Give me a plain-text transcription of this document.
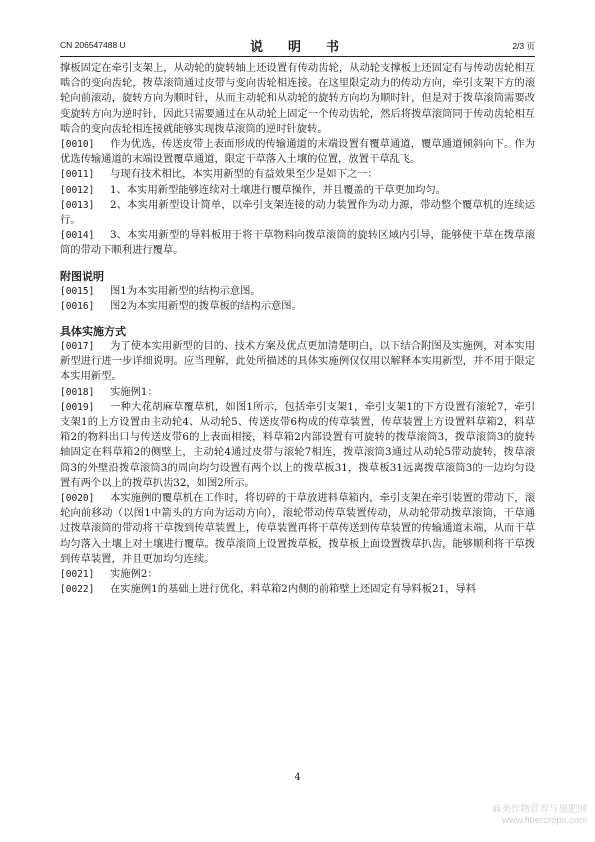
CN 206547488 U	说　明　书	2/3 页

撑板固定在牵引支架上，从动轮的旋转轴上还设置有传动齿轮，从动轮支撑板上还固定有与传动齿轮相互啮合的变向齿轮，拨草滚筒通过皮带与变向齿轮相连接。在这里限定动力的传动方向，牵引支架下方的滚轮向前滚动，旋转方向为顺时针，从而主动轮和从动轮的旋转方向均为顺时针，但是对于拨草滚筒需要改变旋转方向为逆时针，因此只需要通过在从动轮上固定一个传动齿轮，然后将拨草滚筒同于传动齿轮相互啮合的变向齿轮相连接就能够实现拨草滚筒的逆时针旋转。

[0010] 作为优选，传送皮带上表面形成的传输通道的末端设置有覆草通道，覆草通道倾斜向下。作为优选传输通道的末端设置覆草通道，限定干草落入土壤的位置，放置干草乱飞。

[0011] 与现有技术相比，本实用新型的有益效果至少是如下之一：

[0012] 1、本实用新型能够连续对土壤进行覆草操作，并且覆盖的干草更加均匀。

[0013] 2、本实用新型设计简单，以牵引支架连接的动力装置作为动力源，带动整个覆草机的连续运行。

[0014] 3、本实用新型的导料板用于将干草物料向拨草滚筒的旋转区域内引导，能够使干草在拨草滚筒的带动下顺利进行覆草。

附图说明

[0015] 图1为本实用新型的结构示意图。

[0016] 图2为本实用新型的拨草板的结构示意图。

具体实施方式

[0017] 为了使本实用新型的目的、技术方案及优点更加清楚明白，以下结合附图及实施例，对本实用新型进行进一步详细说明。应当理解，此处所描述的具体实施例仅仅用以解释本实用新型，并不用于限定本实用新型。

[0018] 实施例1：

[0019] 一种大花胡麻草覆草机，如图1所示，包括牵引支架1，牵引支架1的下方设置有滚轮7，牵引支架1的上方设置由主动轮4、从动轮5、传送皮带6构成的传草装置，传草装置上方设置料草箱2，料草箱2的物料出口与传送皮带6的上表面相接，料草箱2内部设置有可旋转的拨草滚筒3，拨草滚筒3的旋转轴固定在料草箱2的侧壁上，主动轮4通过皮带与滚轮7相连，拨草滚筒3通过从动轮5带动旋转，拨草滚筒3的外壁沿拨草滚筒3的周向均匀设置有两个以上的拨草板31，拨草板31远离拨草滚筒3的一边均匀设置有两个以上的拨草扒齿32，如图2所示。

[0020] 本实施例的覆草机在工作时，将切碎的干草放进料草箱内，牵引支架在牵引装置的带动下，滚轮向前移动（以图1中箭头的方向为运动方向），滚轮带动传草装置传动，从动轮带动拨草滚筒，干草通过拨草滚筒的带动将干草拨到传草装置上，传草装置再将干草传送到传草装置的传输通道末端，从而干草均匀落入土壤上对土壤进行覆草。拨草滚筒上设置拨草板，拨草板上面设置拨草扒齿，能够顺利将干草拨到传草装置，并且更加均匀连续。

[0021] 实施例2：

[0022] 在实施例1的基础上进行优化，料草箱2内侧的前箱壁上还固定有导料板21，导料

4
麻类作物营养与施肥网
www.fibercrops.com
